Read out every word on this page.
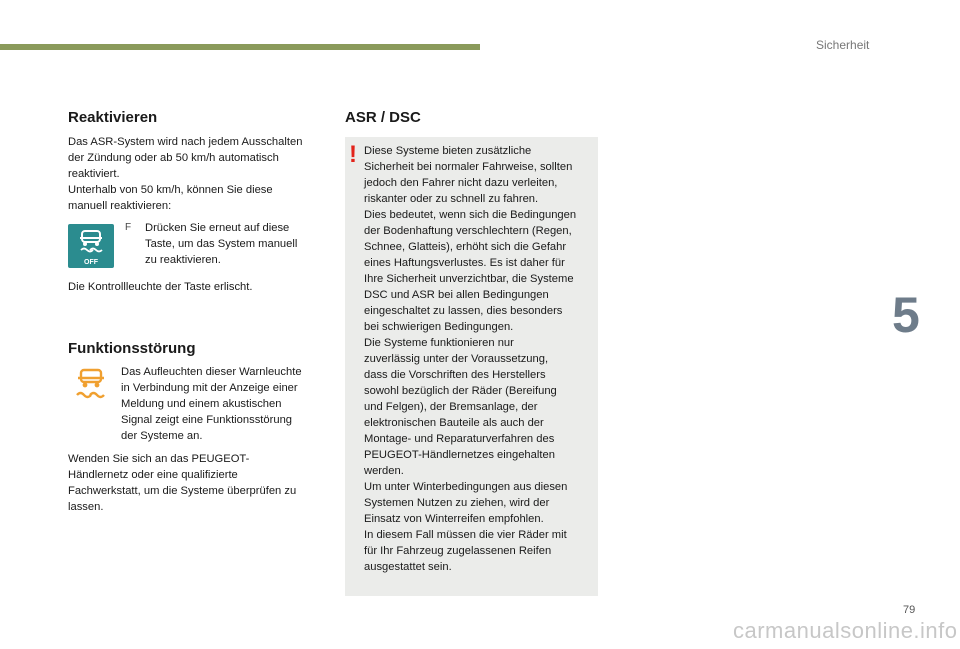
Sicherheit
5
Reaktivieren
Das ASR-System wird nach jedem Ausschalten
der Zündung oder ab 50 km/h automatisch
reaktiviert.
Unterhalb von 50 km/h, können Sie diese
manuell reaktivieren:
OFF
F Drücken Sie erneut auf diese
Taste, um das System manuell
zu reaktivieren.
Die Kontrollleuchte der Taste erlischt.
Funktionsstörung
Das Aufleuchten dieser Warnleuchte
in Verbindung mit der Anzeige einer
Meldung und einem akustischen
Signal zeigt eine Funktionsstörung
der Systeme an.
Wenden Sie sich an das PEUGEOT-
Händlernetz oder eine qualifizierte
Fachwerkstatt, um die Systeme überprüfen zu
lassen.
ASR / DSC
! Diese Systeme bieten zusätzliche
Sicherheit bei normaler Fahrweise, sollten
jedoch den Fahrer nicht dazu verleiten,
riskanter oder zu schnell zu fahren.
Dies bedeutet, wenn sich die Bedingungen
der Bodenhaftung verschlechtern (Regen,
Schnee, Glatteis), erhöht sich die Gefahr
eines Haftungsverlustes. Es ist daher für
Ihre Sicherheit unverzichtbar, die Systeme
DSC und ASR bei allen Bedingungen
eingeschaltet zu lassen, dies besonders
bei schwierigen Bedingungen.
Die Systeme funktionieren nur
zuverlässig unter der Voraussetzung,
dass die Vorschriften des Herstellers
sowohl bezüglich der Räder (Bereifung
und Felgen), der Bremsanlage, der
elektronischen Bauteile als auch der
Montage- und Reparaturverfahren des
PEUGEOT-Händlernetzes eingehalten
werden.
Um unter Winterbedingungen aus diesen
Systemen Nutzen zu ziehen, wird der
Einsatz von Winterreifen empfohlen.
In diesem Fall müssen die vier Räder mit
für Ihr Fahrzeug zugelassenen Reifen
ausgestattet sein.
79
carmanualsonline.info
